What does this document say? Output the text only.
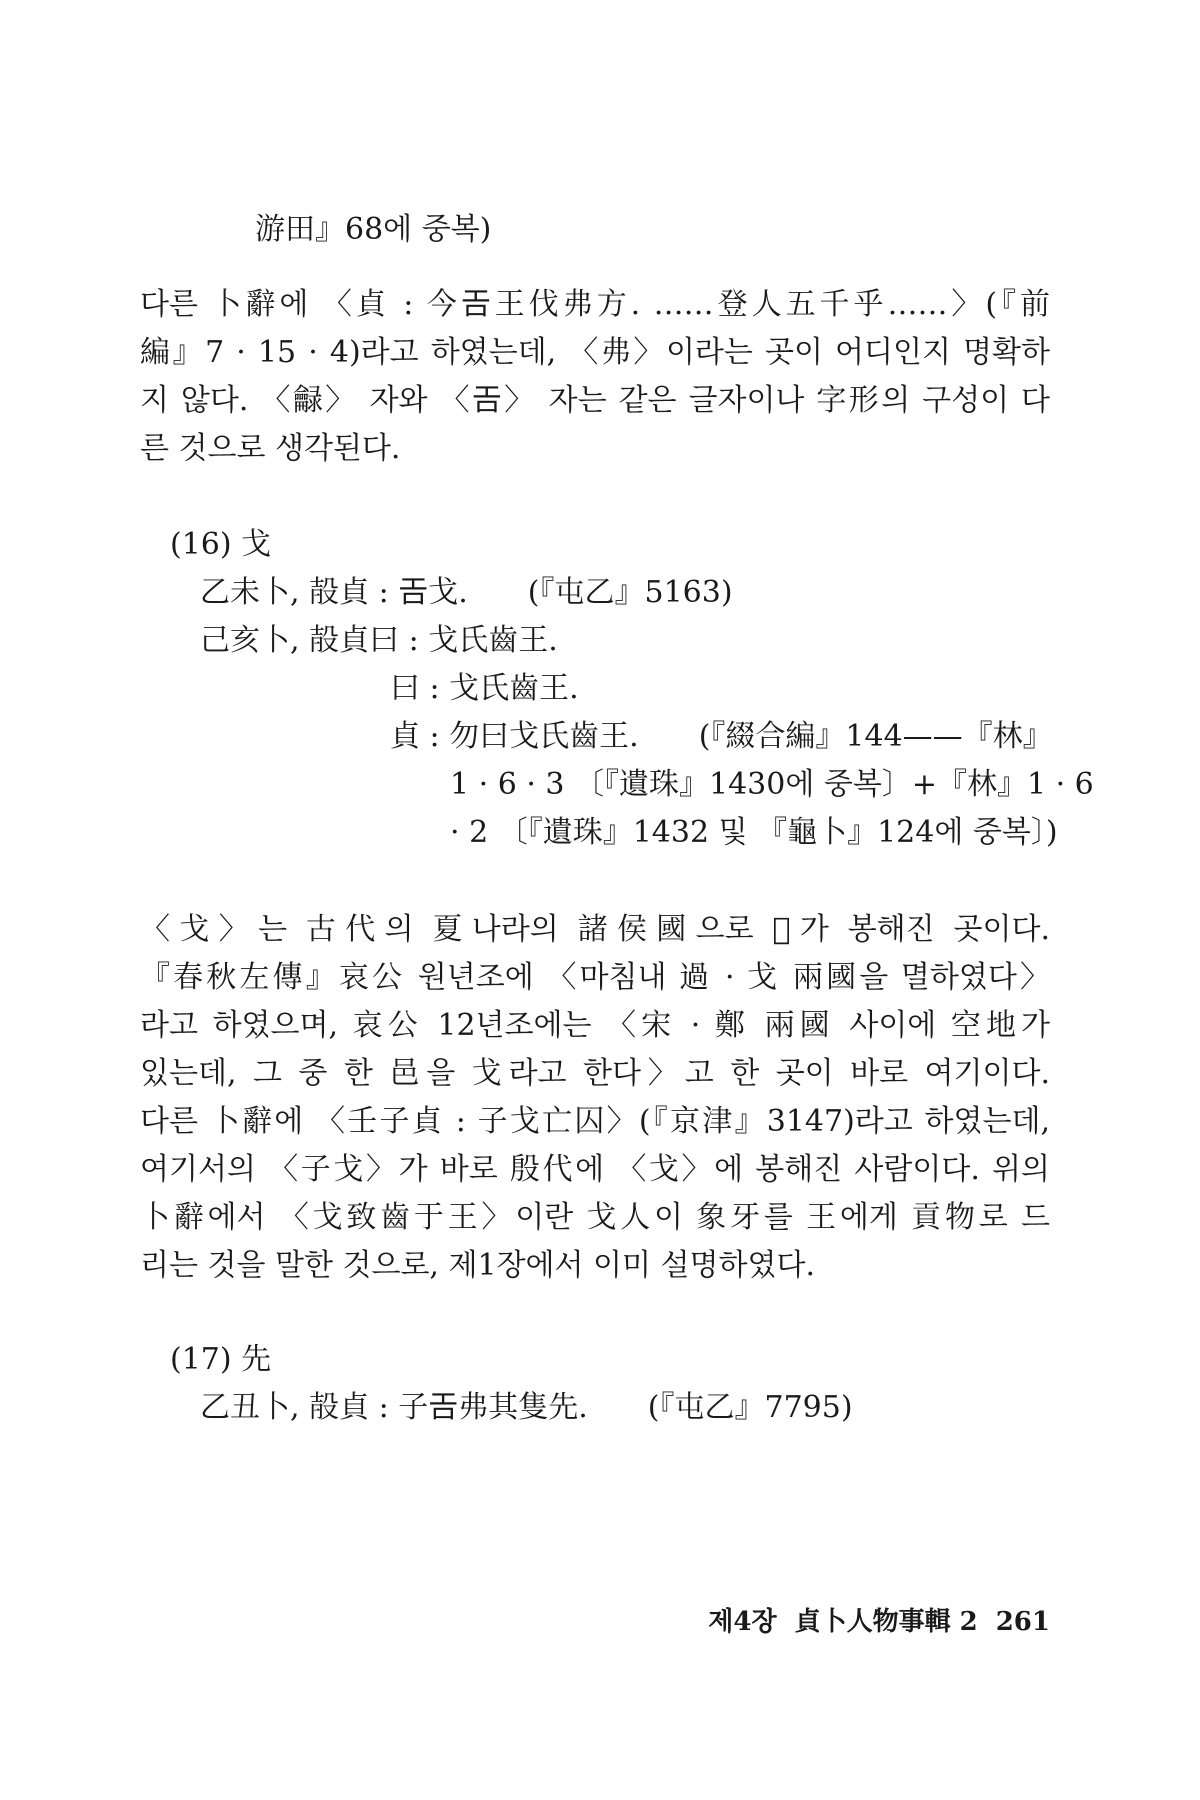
游田』68에 중복)
다른 卜辭에 〈貞 : 今𢀛王伐弗方. ……登人五千乎……〉(『前
編』7 · 15 · 4)라고 하였는데, 〈弗〉이라는 곳이 어디인지 명확하
지 않다. 〈龣〉 자와 〈𢀛〉 자는 같은 글자이나 字形의 구성이 다
른 것으로 생각된다.
(16) 戈
乙未卜, 㱿貞 : 𢀛戈.　　(『屯乙』5163)
己亥卜, 㱿貞曰 : 戈氏齒王.
曰 : 戈氏齒王.
貞 : 勿曰戈氏齒王.　　(『綴合編』144——『林』
1 · 6 · 3 〔『遺珠』1430에 중복〕+『林』1 · 6
· 2 〔『遺珠』1432 및 『龜卜』124에 중복〕)
〈戈〉는 古代의 夏나라의 諸侯國으로 𡕅가 봉해진 곳이다.
『春秋左傳』哀公 원년조에 〈마침내 過 · 戈 兩國을 멸하였다〉
라고 하였으며, 哀公 12년조에는 〈宋 · 鄭 兩國 사이에 空地가
있는데, 그 중 한 邑을 戈라고 한다〉고 한 곳이 바로 여기이다.
다른 卜辭에 〈壬子貞 : 子戈亡囚〉(『京津』3147)라고 하였는데,
여기서의 〈子戈〉가 바로 殷代에 〈戈〉에 봉해진 사람이다. 위의
卜辭에서 〈戈致齒于王〉이란 戈人이 象牙를 王에게 貢物로 드
리는 것을 말한 것으로, 제1장에서 이미 설명하였다.
(17) 先
乙丑卜, 㱿貞 : 子𢀛弗其隻先.　　(『屯乙』7795)
제4장 貞卜人物事輯 2 261
